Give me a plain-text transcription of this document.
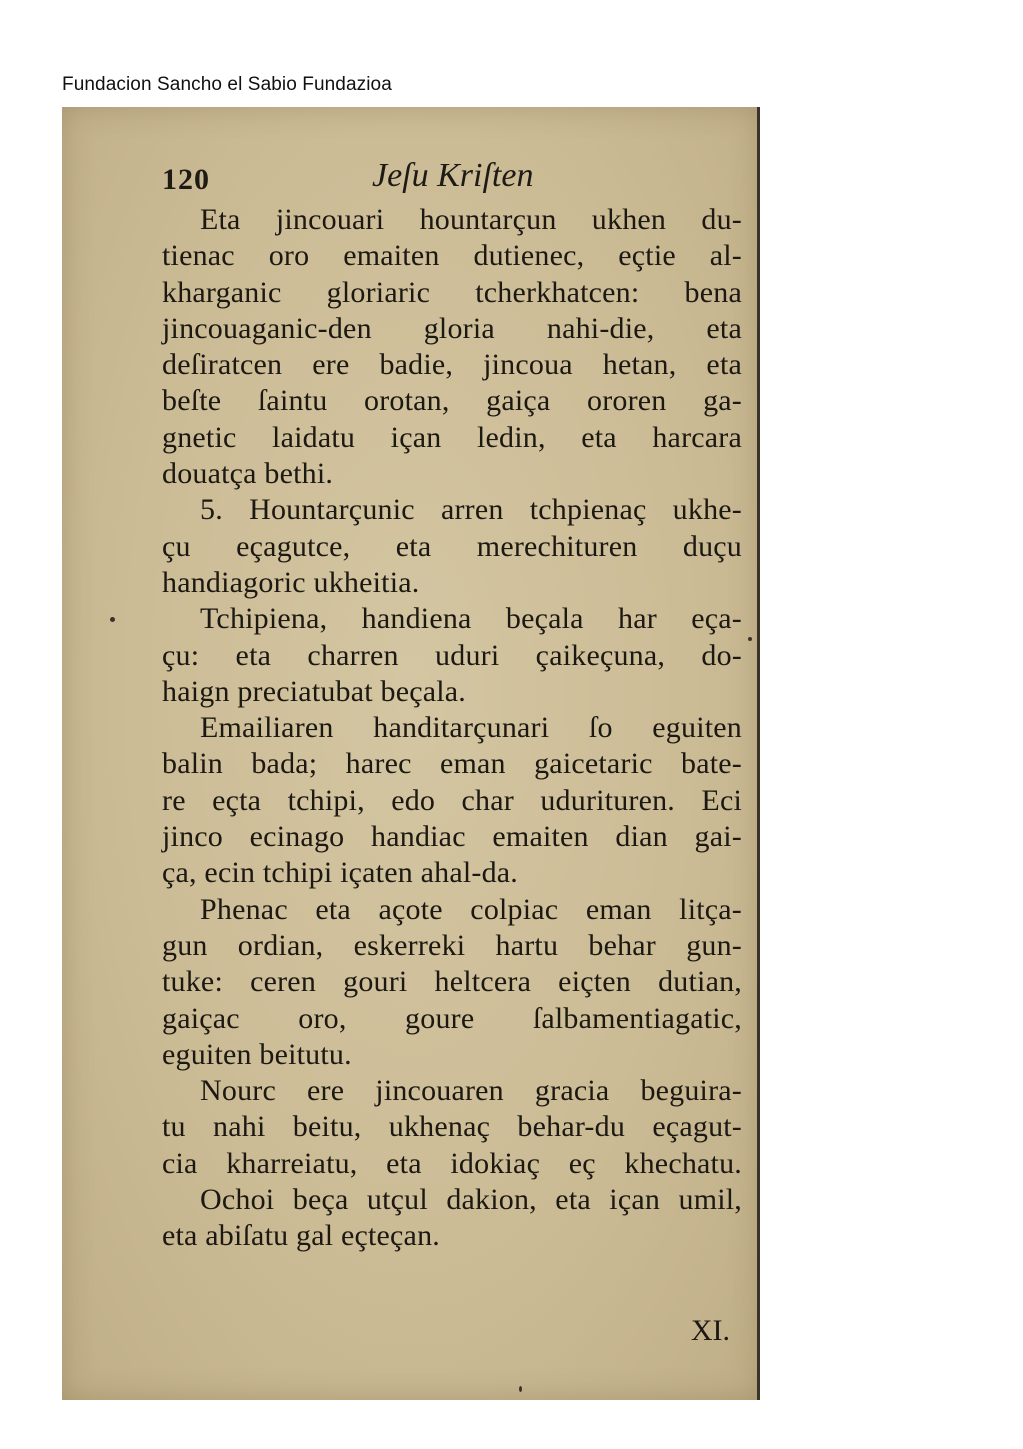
Fundacion Sancho el Sabio Fundazioa
120	Jeſu Kriſten
Eta jincouari hountarçun ukhen du-
tienac oro emaiten dutienec, eçtie al-
kharganic gloriaric tcherkhatcen: bena
jincouaganic-den gloria nahi-die, eta
deſiratcen ere badie, jincoua hetan, eta
beſte ſaintu orotan, gaiça ororen ga-
gnetic laidatu içan ledin, eta harcara
douatça bethi.
5. Hountarçunic arren tchpienaç ukhe-
çu eçagutce, eta merechituren duçu
handiagoric ukheitia.
Tchipiena, handiena beçala har eça-
çu: eta charren uduri çaikeçuna, do-
haign preciatubat beçala.
Emailiaren handitarçunari ſo eguiten
balin bada; harec eman gaicetaric bate-
re eçta tchipi, edo char udurituren. Eci
jinco ecinago handiac emaiten dian gai-
ça, ecin tchipi içaten ahal-da.
Phenac eta açote colpiac eman litça-
gun ordian, eskerreki hartu behar gun-
tuke: ceren gouri heltcera eiçten dutian,
gaiçac oro, goure ſalbamentiagatic,
eguiten beitutu.
Nourc ere jincouaren gracia beguira-
tu nahi beitu, ukhenaç behar-du eçagut-
cia kharreiatu, eta idokiaç eç khechatu.
Ochoi beça utçul dakion, eta içan umil,
eta abiſatu gal eçteçan.
XI.
